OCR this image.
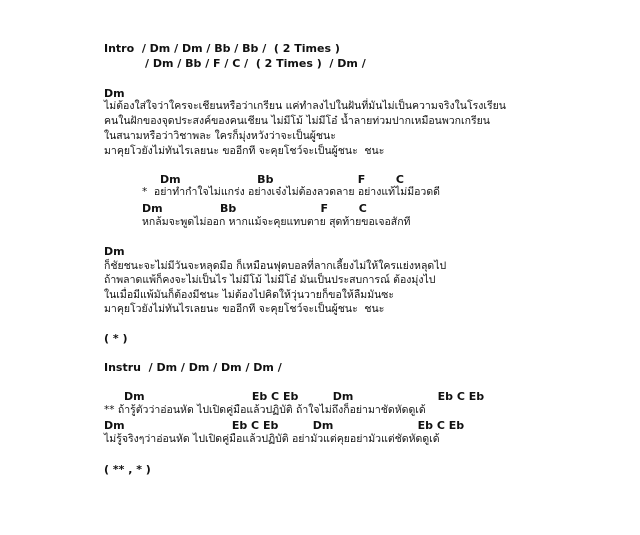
Intro  / Dm / Dm / Bb / Bb /  ( 2 Times )
/ Dm / Bb / F / C /  ( 2 Times )  / Dm /
Dm
ไม่ต้องใส่ใจว่าใครจะเชียนหรือว่าเกรียน แค่ทำลงไปในฝันที่มันไม่เป็นความจริงในโรงเรียน
คนในฝักของจุดประสงค์ของคนเชียน ไม่มีโม้ ไม่มีโอ๋ น้ำลายท่วมปากเหมือนพวกเกรียน
ในสนามหรือว่าวิชาพละ ใครก็มุ่งหวังว่าจะเป็นผู้ชนะ
มาคุยโวยังไม่ทันไรเลยนะ ขออีกที จะคุยโชว์จะเป็นผู้ชนะ  ชนะ
Dm                    Bb                      F        C
*  อย่าทำกำใจไม่แกร่ง อย่างเจ๋งไม่ต้องลวดลาย อย่างแท้ไม่มีอวดดี
Dm               Bb                      F        C
หกล้มจะพูดไม่ออก หากแม้จะคุยแทบตาย สุดท้ายขอเจอสักที
Dm
ก็ชัยชนะจะไม่มีวันจะหลุดมือ ก็เหมือนฟุตบอลที่ลากเลี้ยงไม่ให้ใครแย่งหลุดไป
ถ้าพลาดแพ้ก็คงจะไม่เป็นไร ไม่มีโม้ ไม่มีโอ๋ มันเป็นประสบการณ์ ต้องมุ่งไป
ในเมื่อมีแพ้มันก็ต้องมีชนะ ไม่ต้องไปคิดให้วุ่นวายก็ขอให้ลืมมันซะ
มาคุยโวยังไม่ทันไรเลยนะ ขออีกที จะคุยโชว์จะเป็นผู้ชนะ  ชนะ
( * )
Instru  / Dm / Dm / Dm / Dm /
Dm                            Eb C Eb         Dm                      Eb C Eb
** ถ้ารู้ตัวว่าอ่อนหัด ไปเปิดคู่มือแล้วปฏิบัติ ถ้าใจไม่ถึงก็อย่ามาชัดหัดดูเด้
Dm                            Eb C Eb         Dm                      Eb C Eb
ไม่รู้จริงๆว่าอ่อนหัด ไปเปิดคู่มือแล้วปฏิบัติ อย่ามัวแต่คุยอย่ามัวแต่ชัดหัดดูเด้
( ** , * )
